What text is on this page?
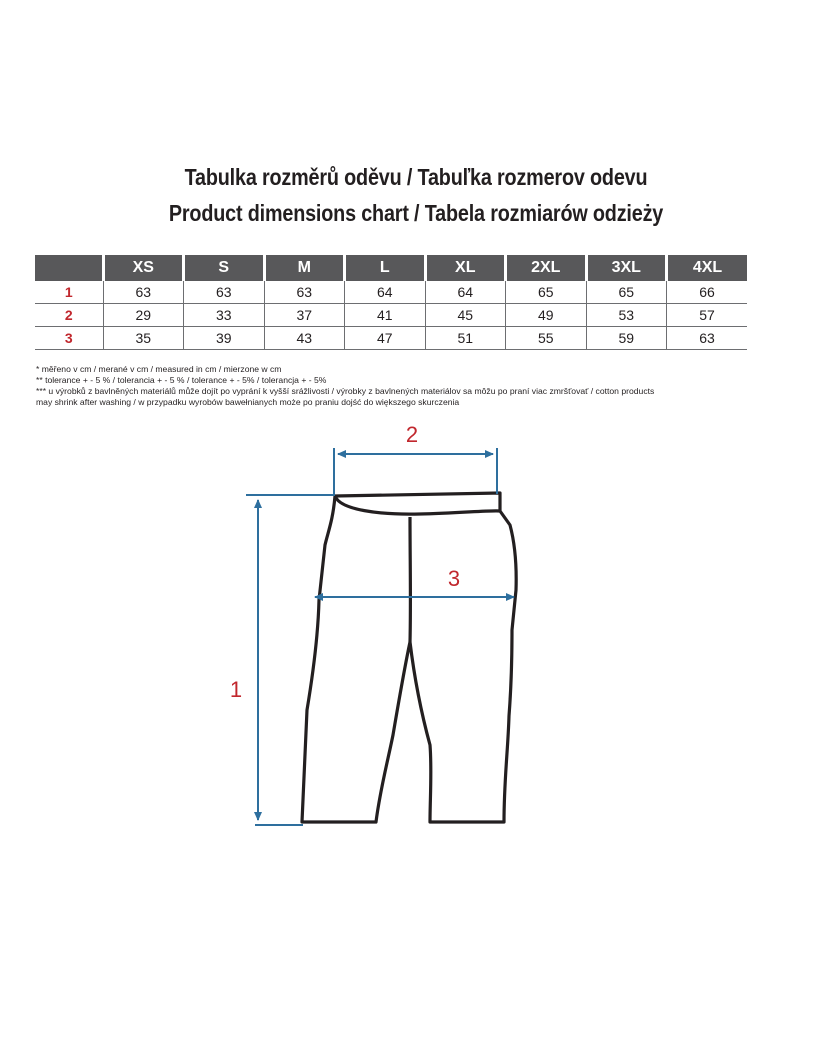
Tabulka rozměrů oděvu / Tabuľka rozmerov odevu
Product dimensions chart / Tabela rozmiarów odzieży
	XS	S	M	L	XL	2XL	3XL	4XL
1	63	63	63	64	64	65	65	66
2	29	33	37	41	45	49	53	57
3	35	39	43	47	51	55	59	63
* měřeno v cm / merané v cm / measured in cm / mierzone w cm
** tolerance + - 5 % / tolerancia + - 5 % / tolerance + - 5% / tolerancja + - 5%
*** u výrobků z bavlněných materiálů může dojít po vyprání k vyšší srážlivosti / výrobky z bavlnených materiálov sa môžu po praní viac zmršťovať / cotton products
may shrink after washing / w przypadku wyrobów bawełnianych może po praniu dojść do większego skurczenia
1
2
3
